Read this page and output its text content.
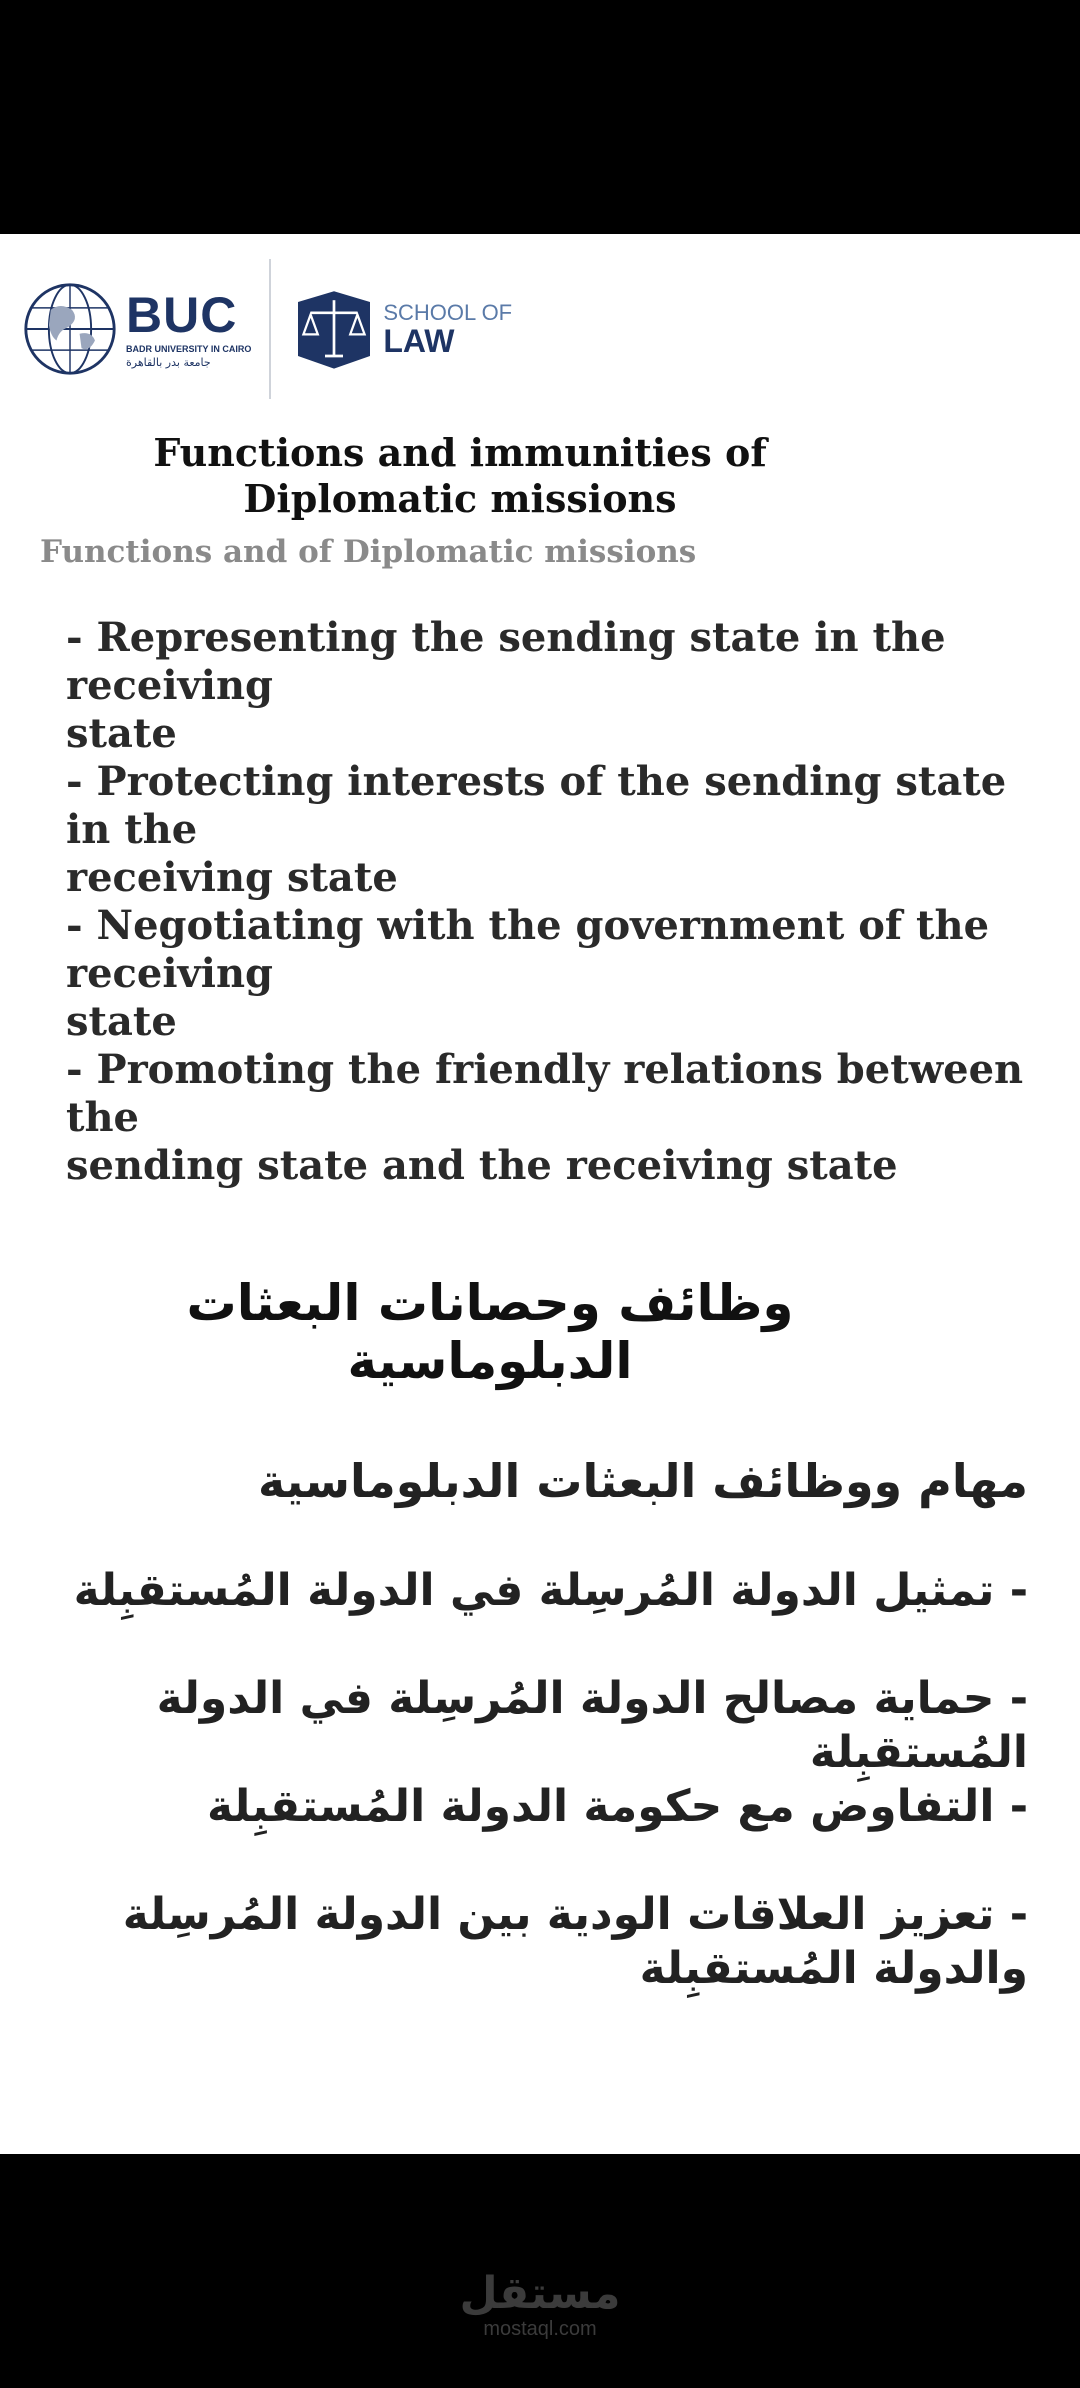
BUC
BADR UNIVERSITY IN CAIRO
جامعة بدر بالقاهرة
SCHOOL OF
LAW
Functions and immunities of Diplomatic missions
Functions and of Diplomatic missions

- Representing the sending state in the
receiving
state

- Protecting interests of the sending state
in the
receiving state

- Negotiating with the government of the
receiving
state

- Promoting the friendly relations between
the
sending state and the receiving state

وظائف وحصانات البعثات الدبلوماسية
مهام ووظائف البعثات الدبلوماسية

- تمثيل الدولة المُرسِلة في الدولة المُستقبِلة

- حماية مصالح الدولة المُرسِلة في الدولة المُستقبِلة

- التفاوض مع حكومة الدولة المُستقبِلة

- تعزيز العلاقات الودية بين الدولة المُرسِلة والدولة المُستقبِلة

مستقل
mostaql.com
